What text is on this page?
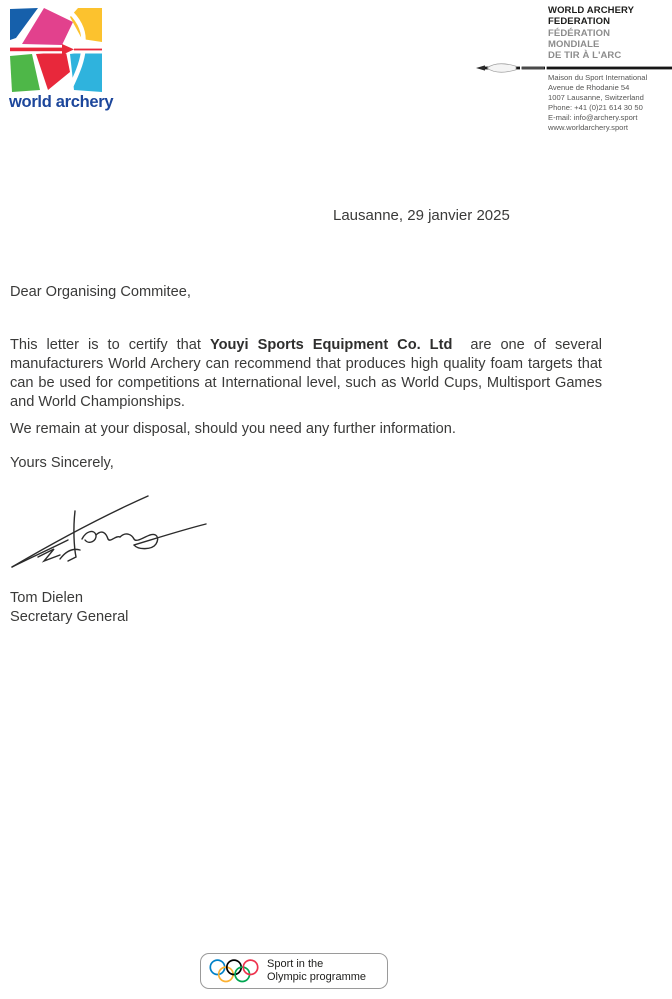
world archery
WORLD ARCHERY
FEDERATION
FÉDÉRATION
MONDIALE
DE TIR À L'ARC
Maison du Sport International
Avenue de Rhodanie 54
1007 Lausanne, Switzerland
Phone: +41 (0)21 614 30 50
E-mail: info@archery.sport
www.worldarchery.sport
Lausanne, 29 janvier 2025
Dear Organising Commitee,

This letter is to certify that Youyi Sports Equipment Co. Ltd  are one of several manufacturers World Archery can recommend that produces high quality foam targets that can be used for competitions at International level, such as World Cups, Multisport Games and World Championships.

We remain at your disposal, should you need any further information.
Yours Sincerely,
Tom Dielen
Secretary General
Sport in the
Olympic programme
